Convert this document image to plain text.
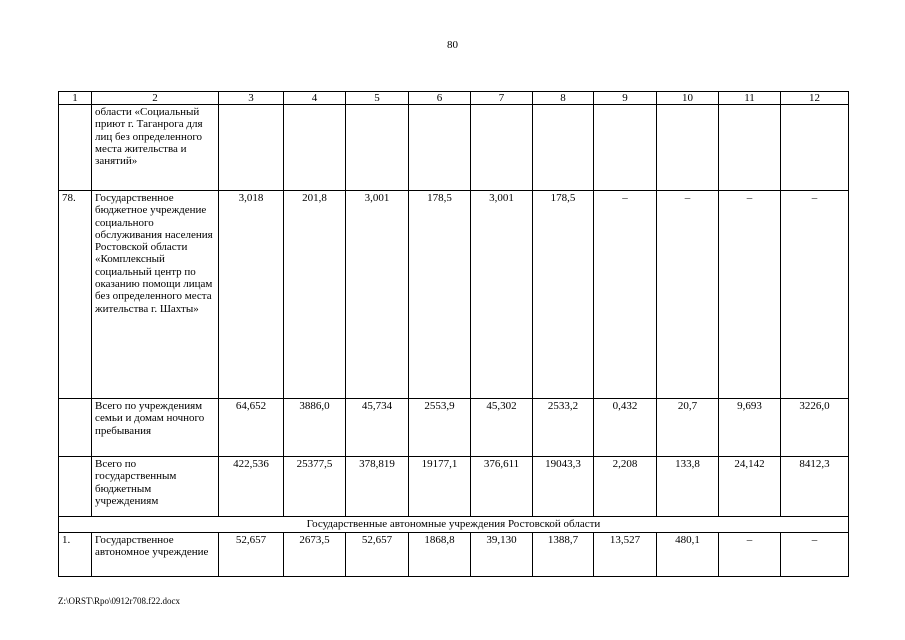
80
1	2	3	4	5	6	7	8	9	10	11	12
	области «Социальный приют г. Таганрога для лиц без определенного места жительства и занятий»										
78.	Государственное бюджетное учреждение социального обслуживания населения Ростовской области «Комплексный социальный центр по оказанию помощи лицам без определенного места жительства г. Шахты»	3,018	201,8	3,001	178,5	3,001	178,5	–	–	–	–
	Всего по учреждениям семьи и домам ночного пребывания	64,652	3886,0	45,734	2553,9	45,302	2533,2	0,432	20,7	9,693	3226,0
	Всего по государственным бюджетным учреждениям	422,536	25377,5	378,819	19177,1	376,611	19043,3	2,208	133,8	24,142	8412,3
Государственные автономные учреждения Ростовской области											
1.	Государственное автономное учреждение	52,657	2673,5	52,657	1868,8	39,130	1388,7	13,527	480,1	–	–
Z:\ORST\Rpo\0912r708.f22.docx
